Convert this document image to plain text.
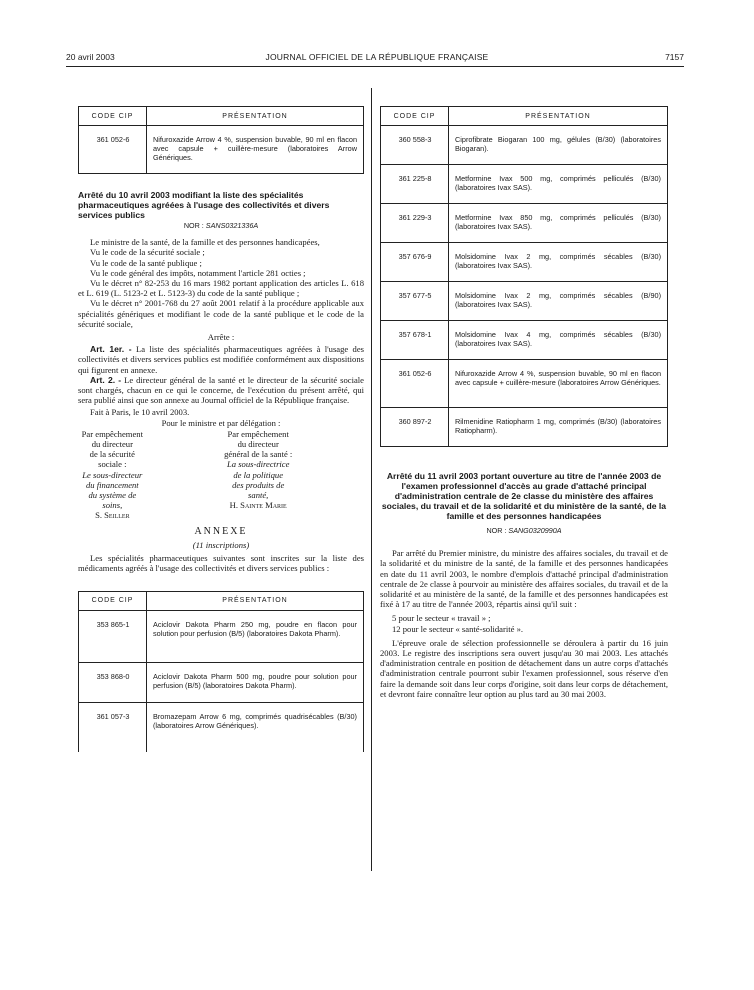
20 avril 2003	JOURNAL OFFICIEL DE LA RÉPUBLIQUE FRANÇAISE	7157
CODE CIP	PRÉSENTATION
361 052-6	Nifuroxazide Arrow 4 %, suspension buvable, 90 ml en flacon avec capsule + cuillère-mesure (laboratoires Arrow Génériques.
Arrêté du 10 avril 2003 modifiant la liste des spécialités pharmaceutiques agréées à l'usage des collectivités et divers services publics
NOR : SANS0321336A

Le ministre de la santé, de la famille et des personnes handicapées,

Vu le code de la sécurité sociale ;

Vu le code de la santé publique ;

Vu le code général des impôts, notamment l'article 281 octies ;

Vu le décret n° 82-253 du 16 mars 1982 portant application des articles L. 618 et L. 619 (L. 5123-2 et L. 5123-3) du code de la santé publique ;

Vu le décret n° 2001-768 du 27 août 2001 relatif à la procédure applicable aux spécialités génériques et modifiant le code de la santé publique et le code de la sécurité sociale,

Arrête :

Art. 1er. - La liste des spécialités pharmaceutiques agréées à l'usage des collectivités et divers services publics est modifiée conformément aux dispositions qui figurent en annexe.

Art. 2. - Le directeur général de la santé et le directeur de la sécurité sociale sont chargés, chacun en ce qui le concerne, de l'exécution du présent arrêté, qui sera publié ainsi que son annexe au Journal officiel de la République française.

Fait à Paris, le 10 avril 2003.

Pour le ministre et par délégation :

Par empêchement du directeur
de la sécurité sociale :
Le sous-directeur
du financement
du système de soins,
S. Seiller
Par empêchement
du directeur général de la santé :
La sous-directrice
de la politique
des produits de santé,
H. Sainte Marie
ANNEXE

(11 inscriptions)

Les spécialités pharmaceutiques suivantes sont inscrites sur la liste des médicaments agréés à l'usage des collectivités et divers services publics :

CODE CIP	PRÉSENTATION
353 865-1	Aciclovir Dakota Pharm 250 mg, poudre en flacon pour solution pour perfusion (B/5) (laboratoires Dakota Pharm).
353 868-0	Aciclovir Dakota Pharm 500 mg, poudre pour solution pour perfusion (B/5) (laboratoires Dakota Pharm).
361 057-3	Bromazepam Arrow 6 mg, comprimés quadrisécables (B/30) (laboratoires Arrow Génériques).
CODE CIP	PRÉSENTATION
360 558-3	Ciprofibrate Biogaran 100 mg, gélules (B/30) (laboratoires Biogaran).
361 225-8	Metformine Ivax 500 mg, comprimés pelliculés (B/30) (laboratoires Ivax SAS).
361 229-3	Metformine Ivax 850 mg, comprimés pelliculés (B/30) (laboratoires Ivax SAS).
357 676-9	Molsidomine Ivax 2 mg, comprimés sécables (B/30) (laboratoires Ivax SAS).
357 677-5	Molsidomine Ivax 2 mg, comprimés sécables (B/90) (laboratoires Ivax SAS).
357 678-1	Molsidomine Ivax 4 mg, comprimés sécables (B/30) (laboratoires Ivax SAS).
361 052-6	Nifuroxazide Arrow 4 %, suspension buvable, 90 ml en flacon avec capsule + cuillère-mesure (laboratoires Arrow Génériques.
360 897-2	Rilmenidine Ratiopharm 1 mg, comprimés (B/30) (laboratoires Ratiopharm).
Arrêté du 11 avril 2003 portant ouverture au titre de l'année 2003 de l'examen professionnel d'accès au grade d'attaché principal d'administration centrale de 2e classe du ministère des affaires sociales, du travail et de la solidarité et du ministère de la santé, de la famille et des personnes handicapées
NOR : SANG0320990A

Par arrêté du Premier ministre, du ministre des affaires sociales, du travail et de la solidarité et du ministre de la santé, de la famille et des personnes handicapées en date du 11 avril 2003, le nombre d'emplois d'attaché principal d'administration centrale de 2e classe à pourvoir au ministère des affaires sociales, du travail et de la solidarité et au ministère de la santé, de la famille et des personnes handicapées est fixé à 17 au titre de l'année 2003, répartis ainsi qu'il suit :

5 pour le secteur « travail » ;

12 pour le secteur « santé-solidarité ».

L'épreuve orale de sélection professionnelle se déroulera à partir du 16 juin 2003. Le registre des inscriptions sera ouvert jusqu'au 30 mai 2003. Les attachés d'administration centrale en position de détachement dans un autre corps d'attachés d'administration centrale pourront subir l'examen professionnel, sous réserve d'en faire la demande soit dans leur corps d'origine, soit dans leur corps de détachement, et devront faire connaître leur option au plus tard au 30 mai 2003.
